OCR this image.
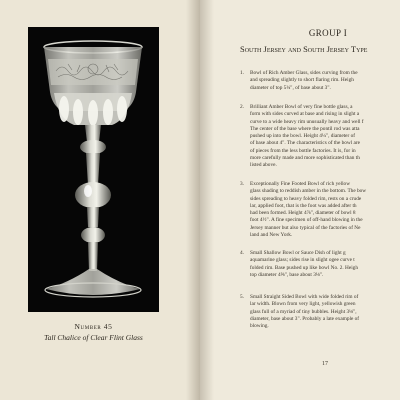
Number 45
Tall Chalice of Clear Flint Glass
GROUP I
South Jersey and South Jersey Type
1.	Bowl of Rich Amber Glass, sides curving from the
and spreading slightly to short flaring rim. Heigh
diameter of top 5¼", of base about 3".
2.	Brilliant Amber Bowl of very fine bottle glass, a
form with sides curved at base and rising in slight a
curve to a wide heavy rim unusually heavy and well f
The center of the base where the pontil rod was atta
pushed up into the bowl. Height 4¼", diameter of
of base about 4". The characteristics of the bowl are
of pieces from the less bottle factories. It is, for in
more carefully made and more sophisticated than th
listed above.
3.	Exceptionally Fine Footed Bowl of rich yellow
glass shading to reddish amber in the bottom. The bow
sides spreading to heavy folded rim, rests on a crude
lar, applied foot, that is the foot was added after th
had been formed. Height 4⅞", diameter of bowl 8
foot 4½". A fine specimen of off-hand blowing in the
Jersey manner but also typical of the factories of Ne
land and New York.
4.	Small Shallow Bowl or Sauce Dish of light g
aquamarine glass; sides rise in slight ogee curve t
folded rim. Base pushed up like bowl No. 2. Heigh
top diameter 4⅝", base about 3⅛".
5.	Small Straight Sided Bowl with wide folded rim of
lar width. Blown from very light, yellowish green
glass full of a myriad of tiny bubbles. Height 3⅛",
diameter, base about 3". Probably a late example of
blowing.
17
